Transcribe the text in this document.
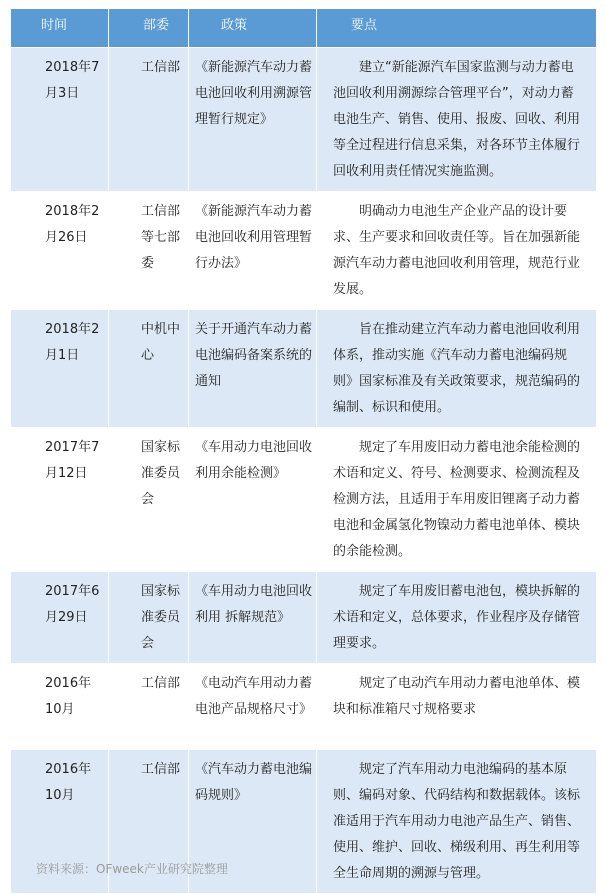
时间	部委	政策	要点

2018年7月3日	工信部	《新能源汽车动力蓄电池回收利用溯源管理暂行规定》	建立“新能源汽车国家监测与动力蓄电池回收利用溯源综合管理平台”，对动力蓄电池生产、销售、使用、报废、回收、利用等全过程进行信息采集，对各环节主体履行回收利用责任情况实施监测。

2018年2月26日	工信部等七部委	《新能源汽车动力蓄电池回收利用管理暂行办法》	明确动力电池生产企业产品的设计要求、生产要求和回收责任等。旨在加强新能源汽车动力蓄电池回收利用管理，规范行业发展。

2018年2月1日	中机中心	关于开通汽车动力蓄电池编码备案系统的通知	旨在推动建立汽车动力蓄电池回收利用体系，推动实施《汽车动力蓄电池编码规则》国家标准及有关政策要求，规范编码的编制、标识和使用。

2017年7月12日	国家标准委员会	《车用动力电池回收利用余能检测》	规定了车用废旧动力蓄电池余能检测的术语和定义、符号、检测要求、检测流程及检测方法，且适用于车用废旧锂离子动力蓄电池和金属氢化物镍动力蓄电池单体、模块的余能检测。

2017年6月29日	国家标准委员会	《车用动力电池回收利用 拆解规范》	规定了车用废旧蓄电池包，模块拆解的术语和定义，总体要求，作业程序及存储管理要求。

2016年10月	工信部	《电动汽车用动力蓄电池产品规格尺寸》	规定了电动汽车用动力蓄电池单体、模块和标准箱尺寸规格要求

2016年10月	工信部	《汽车动力蓄电池编码规则》	规定了汽车用动力电池编码的基本原则、编码对象、代码结构和数据载体。该标准适用于汽车用动力电池产品生产、销售、使用、维护、回收、梯级利用、再生利用等全生命周期的溯源与管理。
资料来源：OFweek产业研究院整理
